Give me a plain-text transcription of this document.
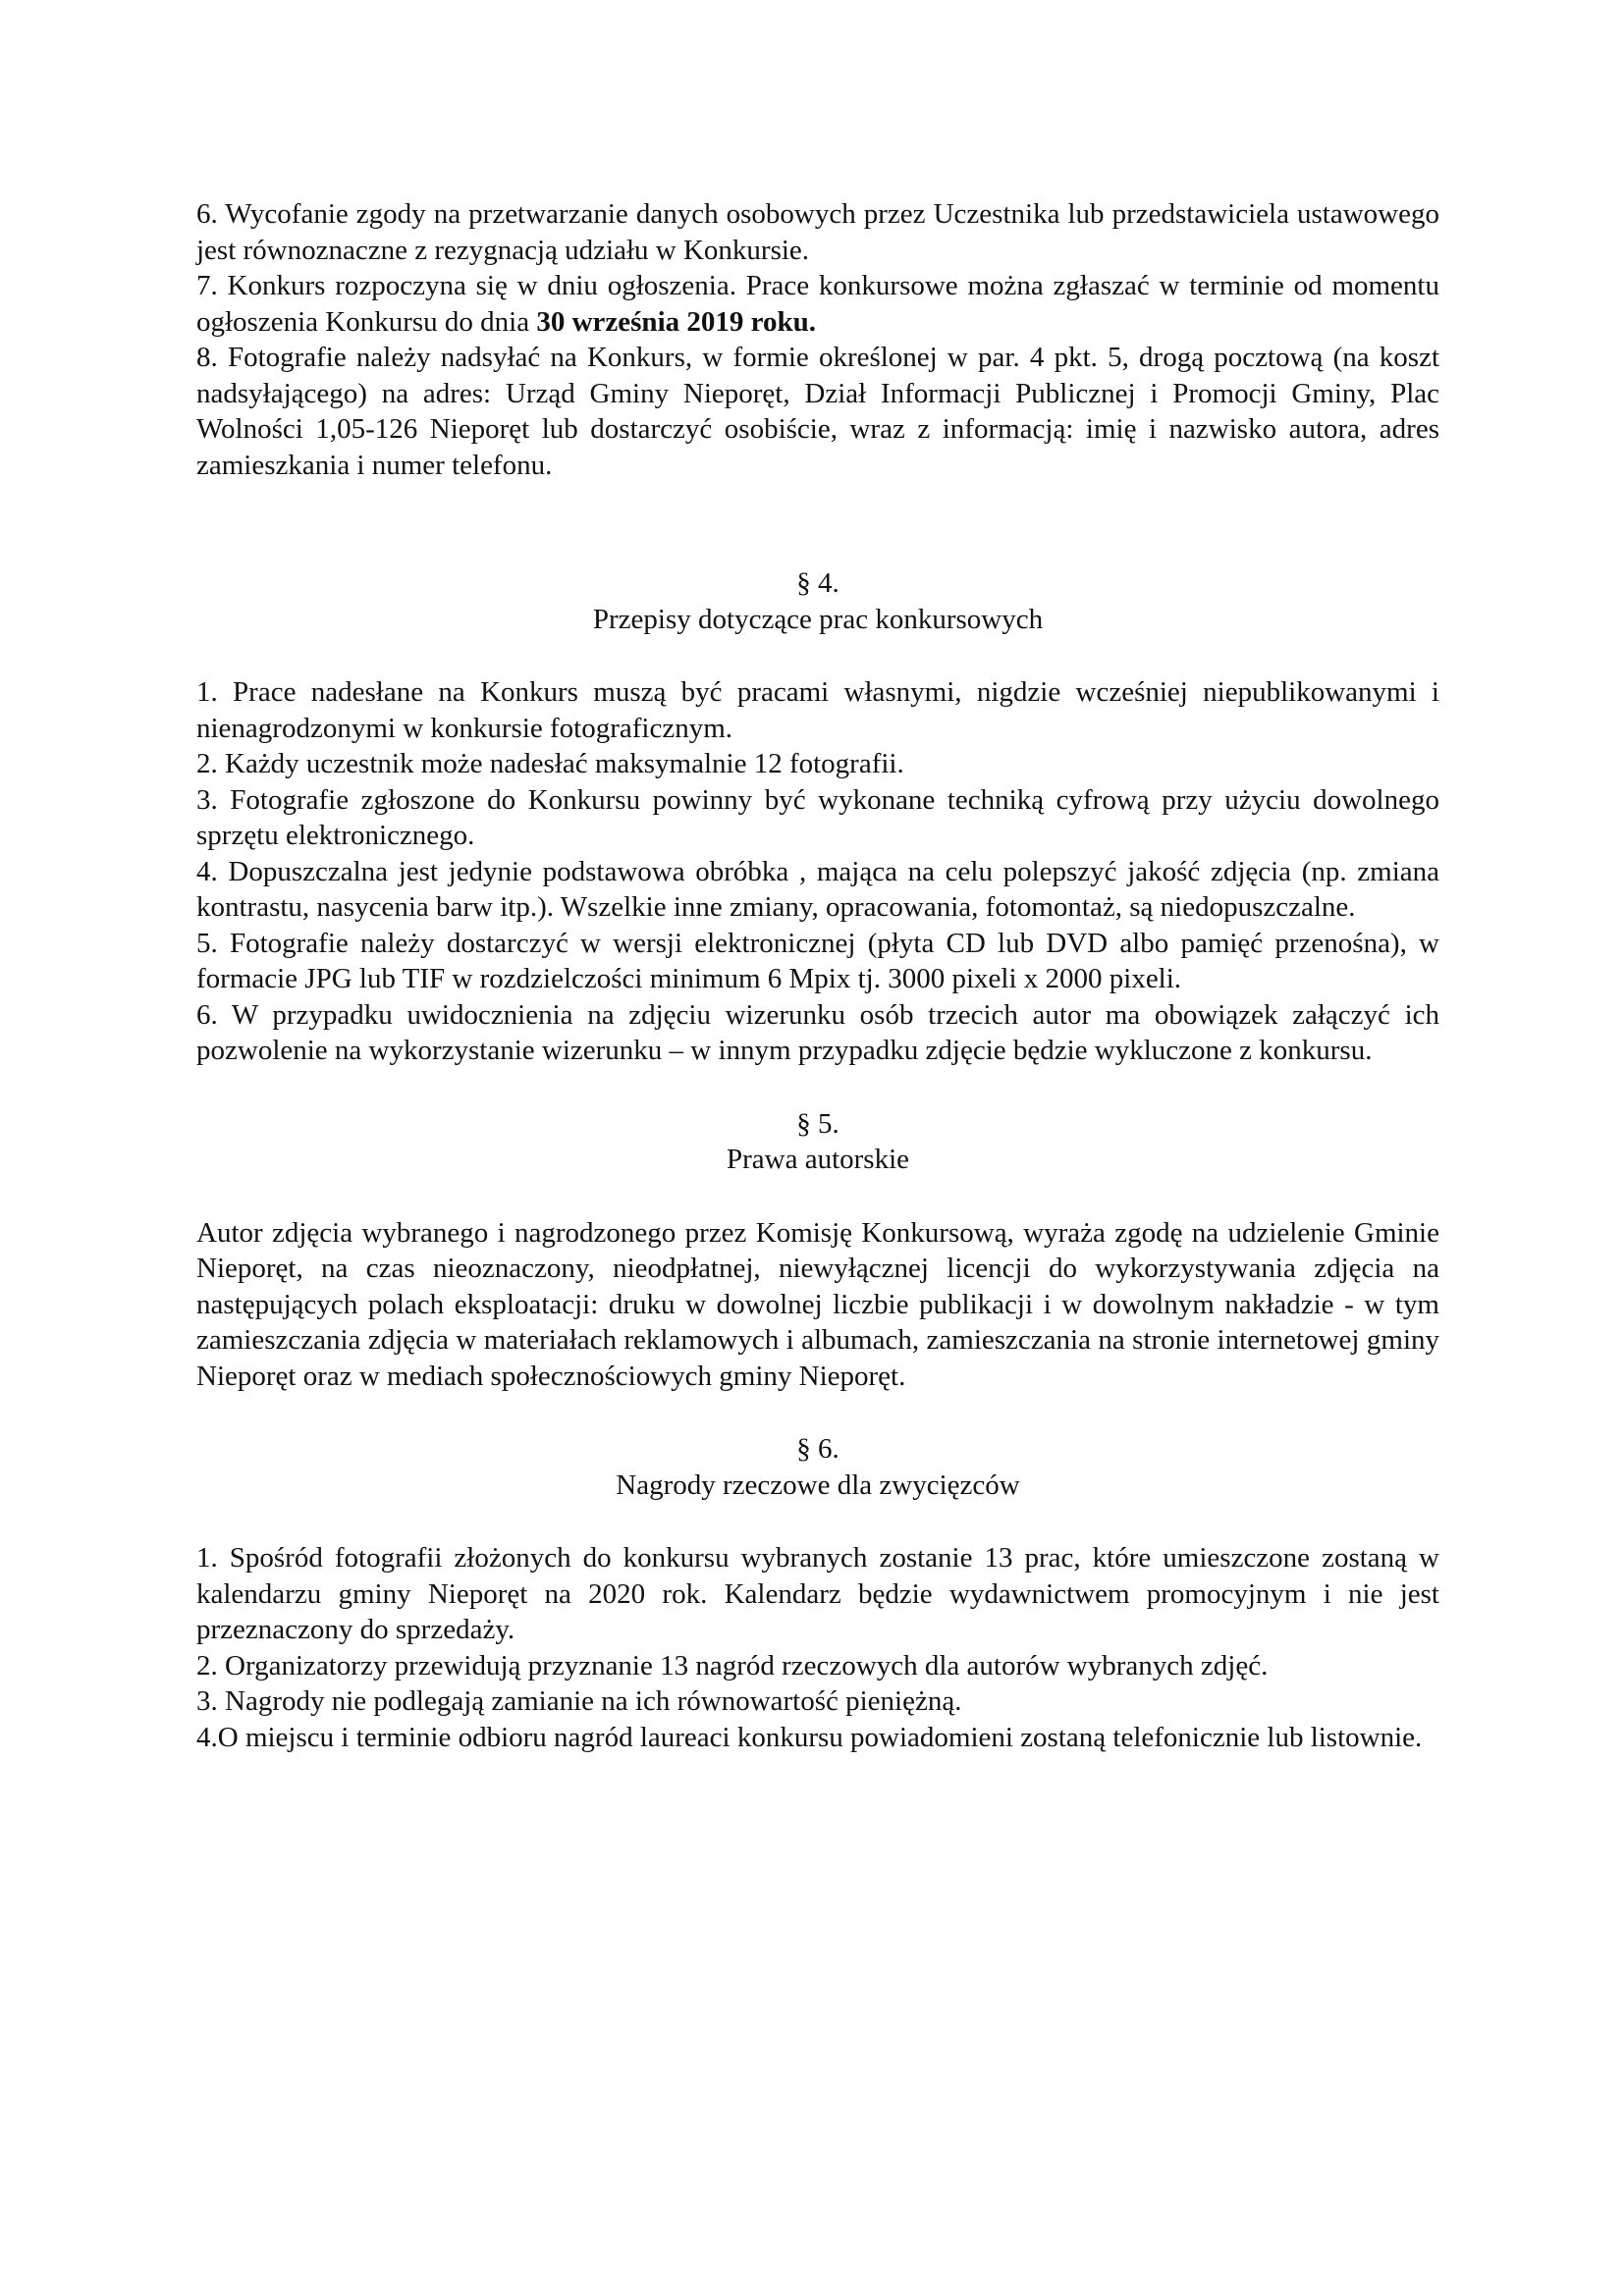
6. Wycofanie zgody na przetwarzanie danych osobowych przez Uczestnika lub przedstawiciela ustawowego jest równoznaczne z rezygnacją udziału w Konkursie.

7. Konkurs rozpoczyna się w dniu ogłoszenia. Prace konkursowe można zgłaszać w terminie od momentu ogłoszenia Konkursu do dnia 30 września 2019 roku.

8. Fotografie należy nadsyłać na Konkurs, w formie określonej w par. 4 pkt. 5, drogą pocztową (na koszt nadsyłającego) na adres: Urząd Gminy Nieporęt, Dział Informacji Publicznej i Promocji Gminy, Plac Wolności 1,05-126 Nieporęt lub dostarczyć osobiście, wraz z informacją: imię i nazwisko autora, adres zamieszkania i numer telefonu.

§ 4.
Przepisy dotyczące prac konkursowych

1. Prace nadesłane na Konkurs muszą być pracami własnymi, nigdzie wcześniej niepublikowanymi i nienagrodzonymi w konkursie fotograficznym.

2. Każdy uczestnik może nadesłać maksymalnie 12 fotografii.

3. Fotografie zgłoszone do Konkursu powinny być wykonane techniką cyfrową przy użyciu dowolnego sprzętu elektronicznego.

4. Dopuszczalna jest jedynie podstawowa obróbka , mająca na celu polepszyć jakość zdjęcia (np. zmiana kontrastu, nasycenia barw itp.). Wszelkie inne zmiany, opracowania, fotomontaż, są niedopuszczalne.

5. Fotografie należy dostarczyć w wersji elektronicznej (płyta CD lub DVD albo pamięć przenośna), w formacie JPG lub TIF w rozdzielczości minimum 6 Mpix tj. 3000 pixeli x 2000 pixeli.

6. W przypadku uwidocznienia na zdjęciu wizerunku osób trzecich autor ma obowiązek załączyć ich pozwolenie na wykorzystanie wizerunku – w innym przypadku zdjęcie będzie wykluczone z konkursu.

§ 5.
Prawa autorskie

Autor zdjęcia wybranego i nagrodzonego przez Komisję Konkursową, wyraża zgodę na udzielenie Gminie Nieporęt, na czas nieoznaczony, nieodpłatnej, niewyłącznej licencji do wykorzystywania zdjęcia na następujących polach eksploatacji: druku w dowolnej liczbie publikacji i w dowolnym nakładzie - w tym zamieszczania zdjęcia w materiałach reklamowych i albumach, zamieszczania na stronie internetowej gminy Nieporęt oraz w mediach społecznościowych gminy Nieporęt.

§ 6.
Nagrody rzeczowe dla zwycięzców

1. Spośród fotografii złożonych do konkursu wybranych zostanie 13 prac, które umieszczone zostaną w kalendarzu gminy Nieporęt na 2020 rok. Kalendarz będzie wydawnictwem promocyjnym i nie jest przeznaczony do sprzedaży.

2. Organizatorzy przewidują przyznanie 13 nagród rzeczowych dla autorów wybranych zdjęć.

3. Nagrody nie podlegają zamianie na ich równowartość pieniężną.

4.O miejscu i terminie odbioru nagród laureaci konkursu powiadomieni zostaną telefonicznie lub listownie.
